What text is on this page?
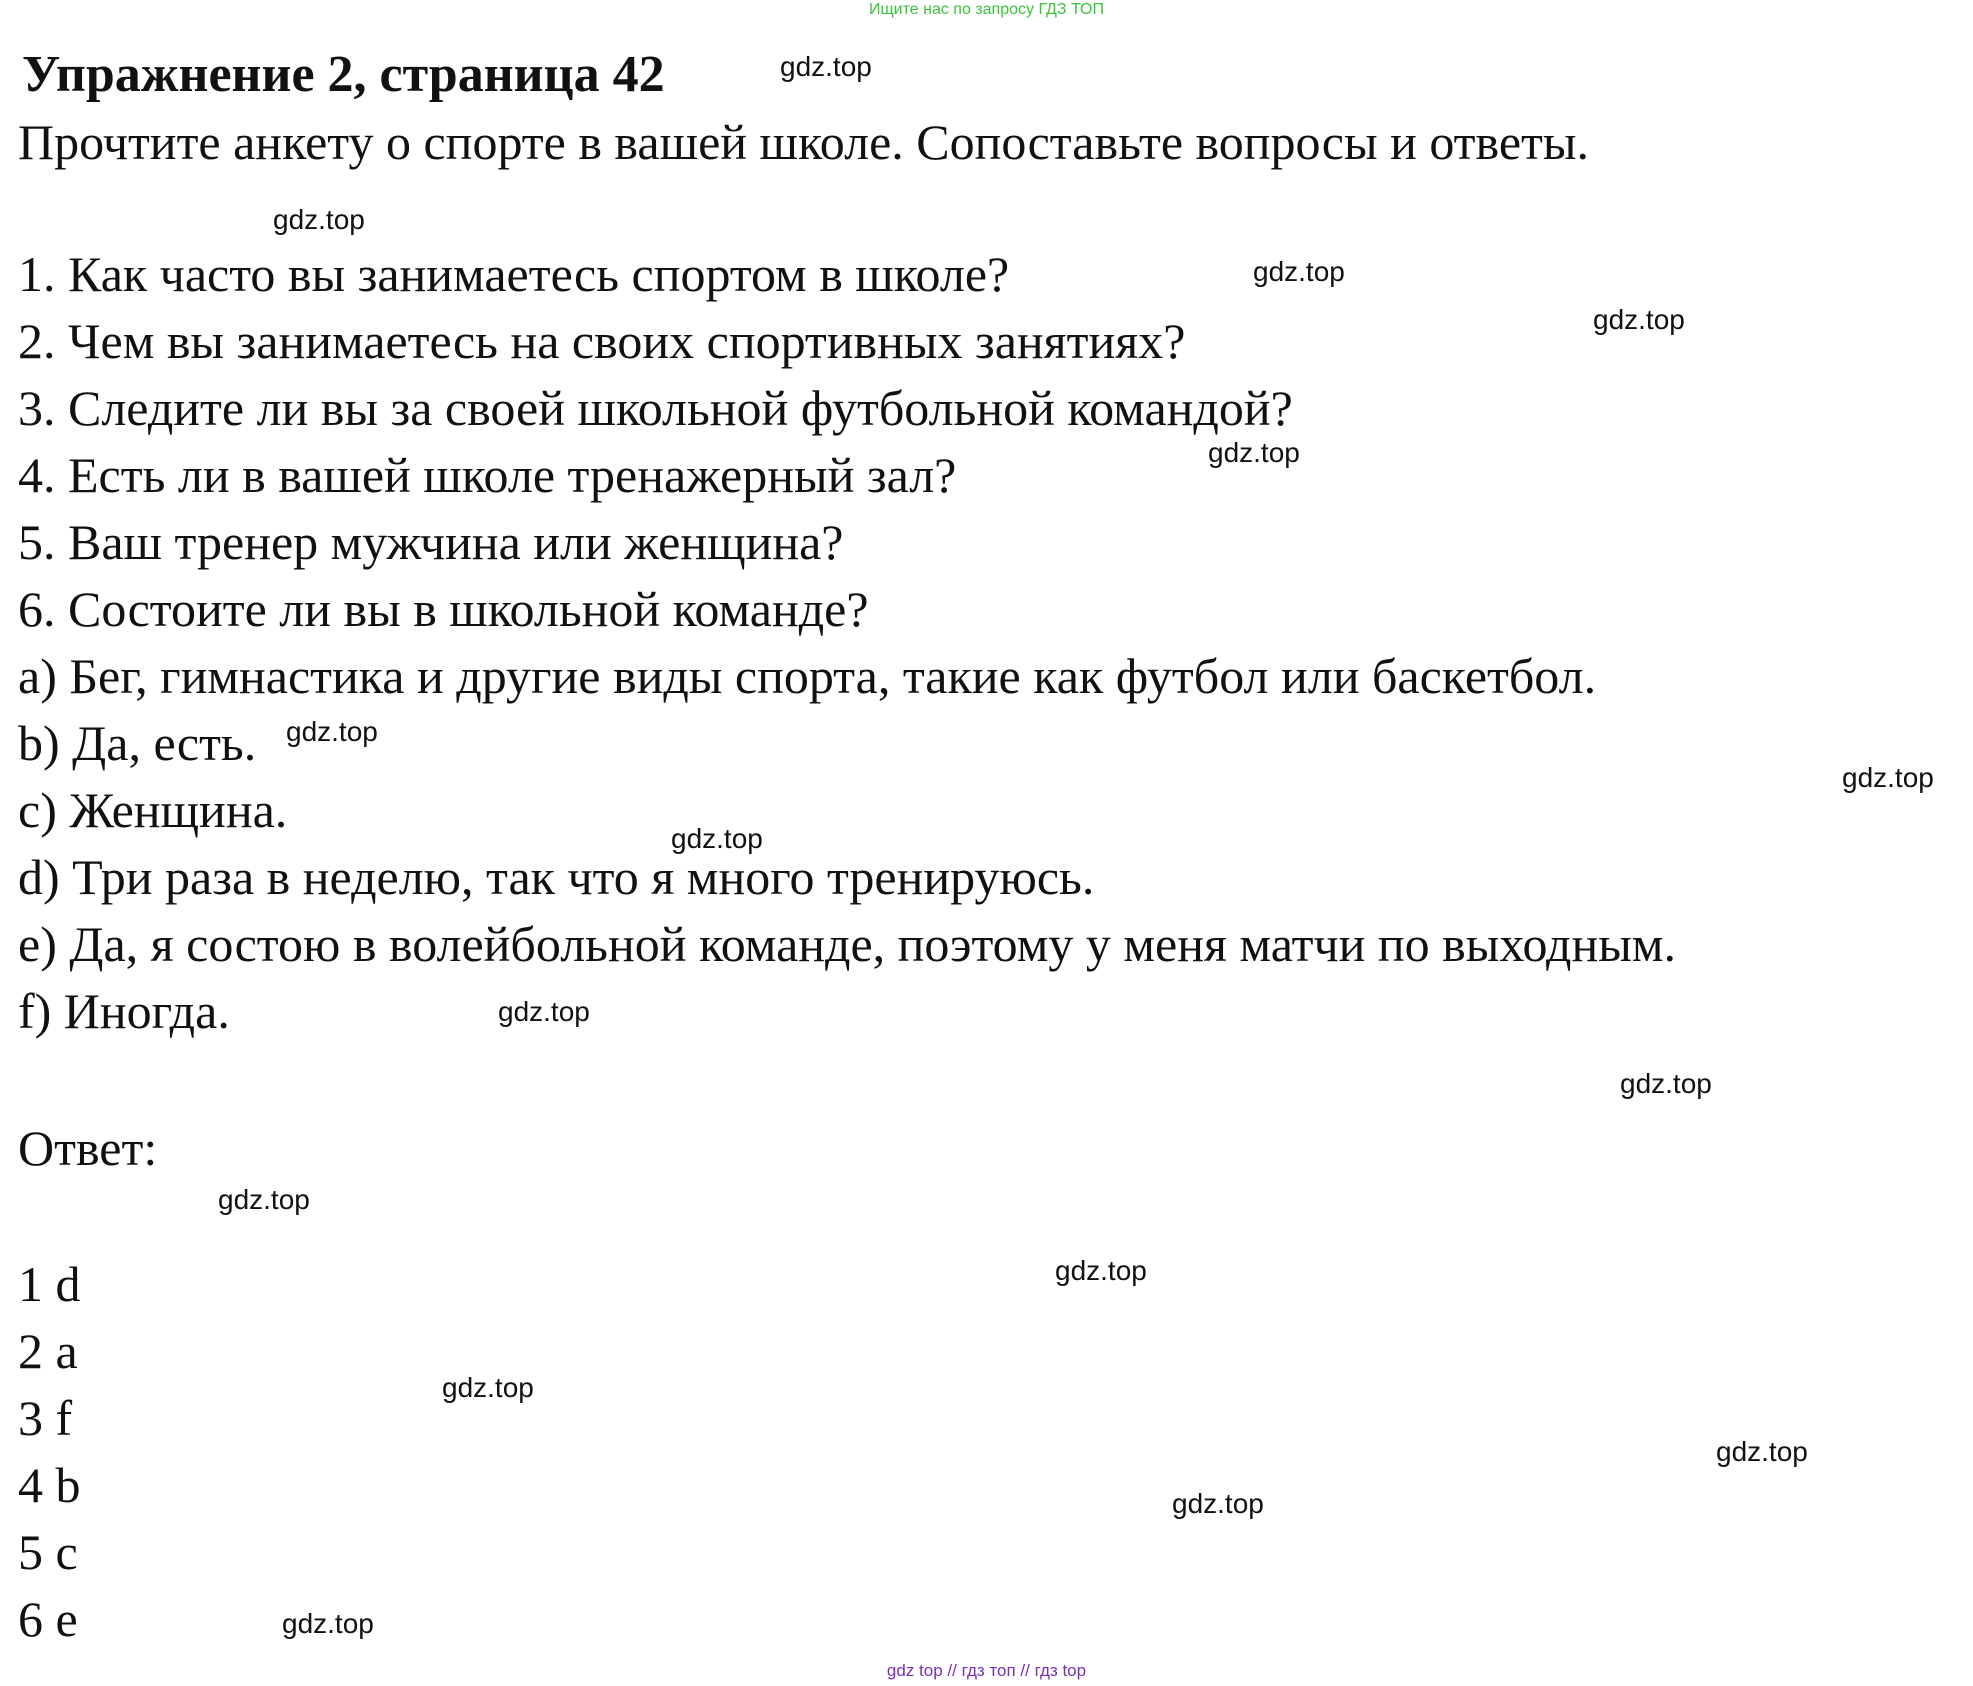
Ищите нас по запросу ГДЗ ТОП
Упражнение 2, страница 42
Прочтите анкету о спорте в вашей школе. Сопоставьте вопросы и ответы.
1. Как часто вы занимаетесь спортом в школе?
2. Чем вы занимаетесь на своих спортивных занятиях?
3. Следите ли вы за своей школьной футбольной командой?
4. Есть ли в вашей школе тренажерный зал?
5. Ваш тренер мужчина или женщина?
6. Состоите ли вы в школьной команде?
a) Бег, гимнастика и другие виды спорта, такие как футбол или баскетбол.
b) Да, есть.
c) Женщина.
d) Три раза в неделю, так что я много тренируюсь.
e) Да, я состою в волейбольной команде, поэтому у меня матчи по выходным.
f) Иногда.
Ответ:
1 d
2 a
3 f
4 b
5 c
6 e
gdz.top
gdz.top
gdz.top
gdz.top
gdz.top
gdz.top
gdz.top
gdz.top
gdz.top
gdz.top
gdz.top
gdz.top
gdz.top
gdz.top
gdz.top
gdz.top
gdz top // гдз топ // гдз top
